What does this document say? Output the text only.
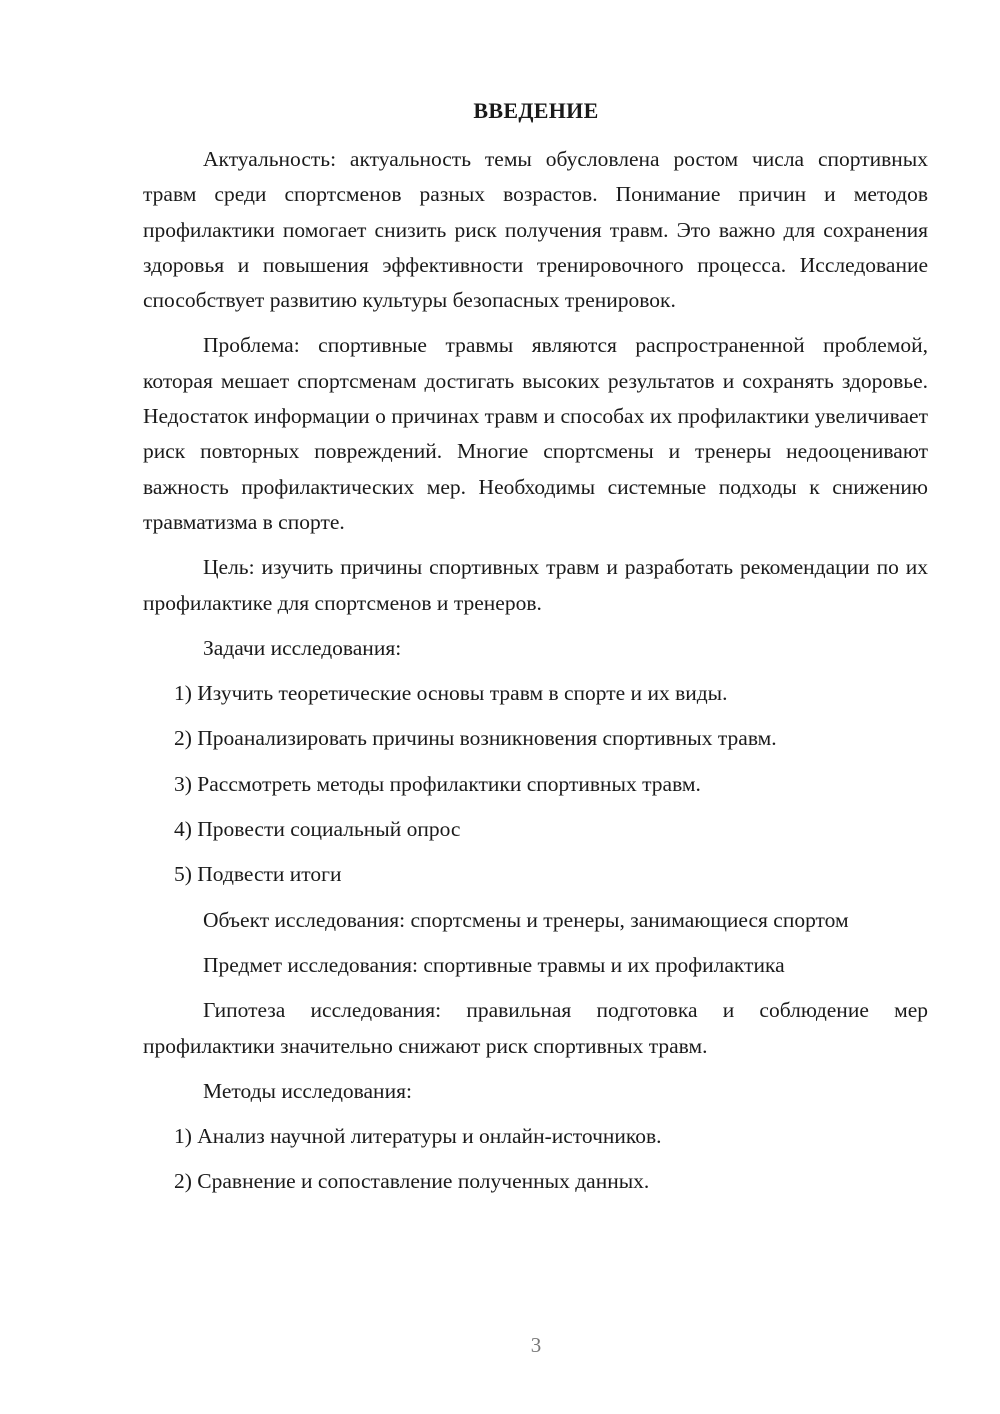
ВВЕДЕНИЕ

Актуальность: актуальность темы обусловлена ростом числа спортивных травм среди спортсменов разных возрастов. Понимание причин и методов профилактики помогает снизить риск получения травм. Это важно для сохранения здоровья и повышения эффективности тренировочного процесса. Исследование способствует развитию культуры безопасных тренировок.

Проблема: спортивные травмы являются распространенной проблемой, которая мешает спортсменам достигать высоких результатов и сохранять здоровье. Недостаток информации о причинах травм и способах их профилактики увеличивает риск повторных повреждений. Многие спортсмены и тренеры недооценивают важность профилактических мер. Необходимы системные подходы к снижению травматизма в спорте.

Цель: изучить причины спортивных травм и разработать рекомендации по их профилактике для спортсменов и тренеров.

Задачи исследования:

1) Изучить теоретические основы травм в спорте и их виды.

2) Проанализировать причины возникновения спортивных травм.

3) Рассмотреть методы профилактики спортивных травм.

4) Провести социальный опрос

5) Подвести итоги

Объект исследования: спортсмены и тренеры, занимающиеся спортом

Предмет исследования: спортивные травмы и их профилактика

Гипотеза исследования: правильная подготовка и соблюдение мер профилактики значительно снижают риск спортивных травм.

Методы исследования:

1) Анализ научной литературы и онлайн-источников.

2) Сравнение и сопоставление полученных данных.

3
